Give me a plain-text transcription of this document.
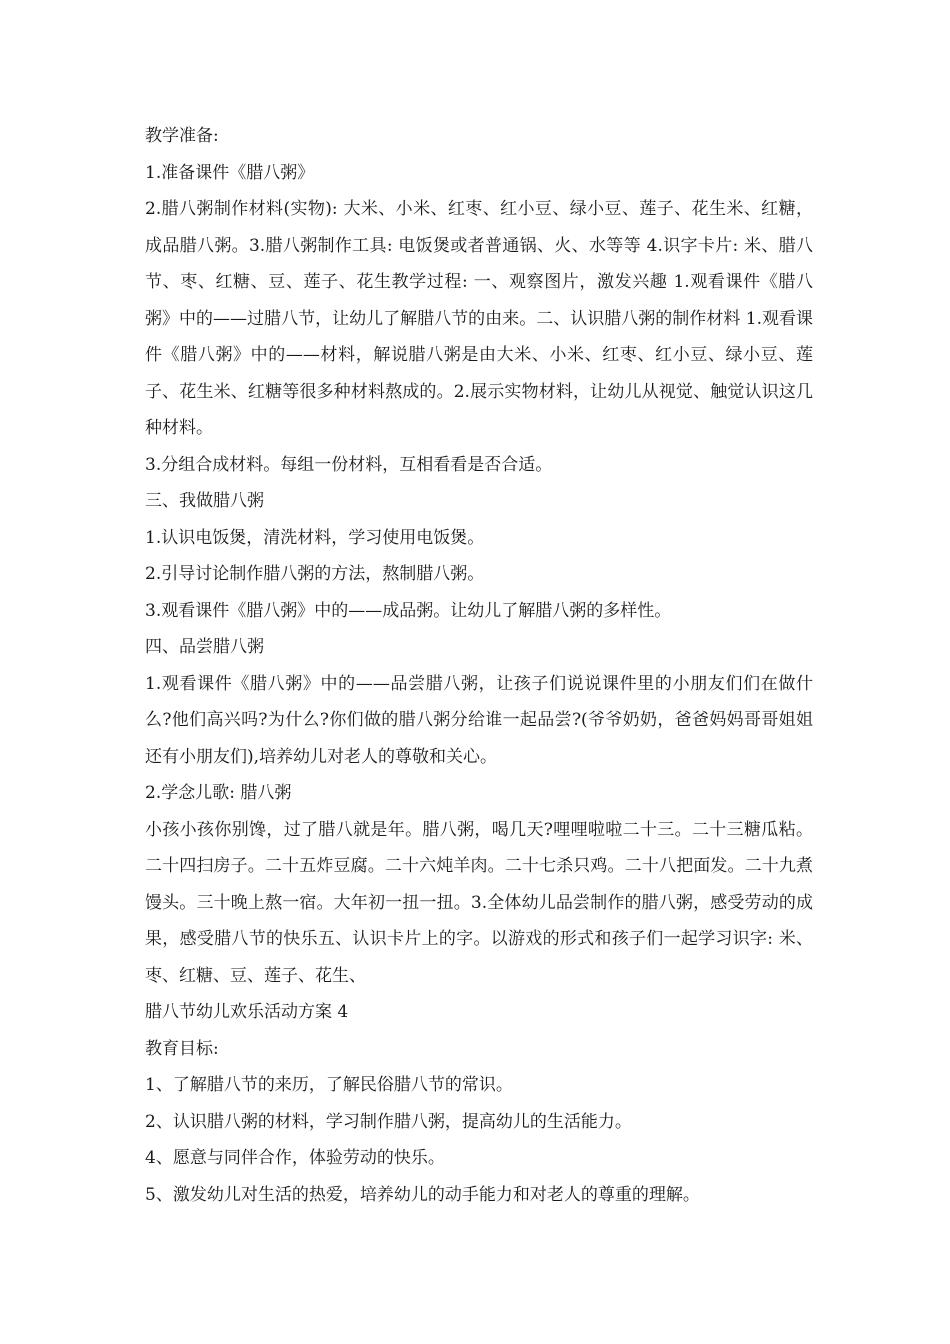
教学准备:

1.准备课件《腊八粥》

2.腊八粥制作材料(实物): 大米、小米、红枣、红小豆、绿小豆、莲子、花生米、红糖，成品腊八粥。3.腊八粥制作工具: 电饭煲或者普通锅、火、水等等 4.识字卡片: 米、腊八节、枣、红糖、豆、莲子、花生教学过程: 一、观察图片，激发兴趣 1.观看课件《腊八粥》中的——过腊八节，让幼儿了解腊八节的由来。二、认识腊八粥的制作材料 1.观看课件《腊八粥》中的——材料，解说腊八粥是由大米、小米、红枣、红小豆、绿小豆、莲子、花生米、红糖等很多种材料熬成的。2.展示实物材料，让幼儿从视觉、触觉认识这几种材料。

3.分组合成材料。每组一份材料，互相看看是否合适。

三、我做腊八粥

1.认识电饭煲，清洗材料，学习使用电饭煲。

2.引导讨论制作腊八粥的方法，熬制腊八粥。

3.观看课件《腊八粥》中的——成品粥。让幼儿了解腊八粥的多样性。

四、品尝腊八粥

1.观看课件《腊八粥》中的——品尝腊八粥，让孩子们说说课件里的小朋友们们在做什么?他们高兴吗?为什么?你们做的腊八粥分给谁一起品尝?(爷爷奶奶，爸爸妈妈哥哥姐姐还有小朋友们),培养幼儿对老人的尊敬和关心。

2.学念儿歌: 腊八粥

小孩小孩你别馋，过了腊八就是年。腊八粥，喝几天?哩哩啦啦二十三。二十三糖瓜粘。二十四扫房子。二十五炸豆腐。二十六炖羊肉。二十七杀只鸡。二十八把面发。二十九煮馒头。三十晚上熬一宿。大年初一扭一扭。3.全体幼儿品尝制作的腊八粥，感受劳动的成果，感受腊八节的快乐五、认识卡片上的字。以游戏的形式和孩子们一起学习识字: 米、枣、红糖、豆、莲子、花生、

腊八节幼儿欢乐活动方案 4

教育目标:

1、了解腊八节的来历，了解民俗腊八节的常识。

2、认识腊八粥的材料，学习制作腊八粥，提高幼儿的生活能力。

4、愿意与同伴合作，体验劳动的快乐。

5、激发幼儿对生活的热爱，培养幼儿的动手能力和对老人的尊重的理解。
